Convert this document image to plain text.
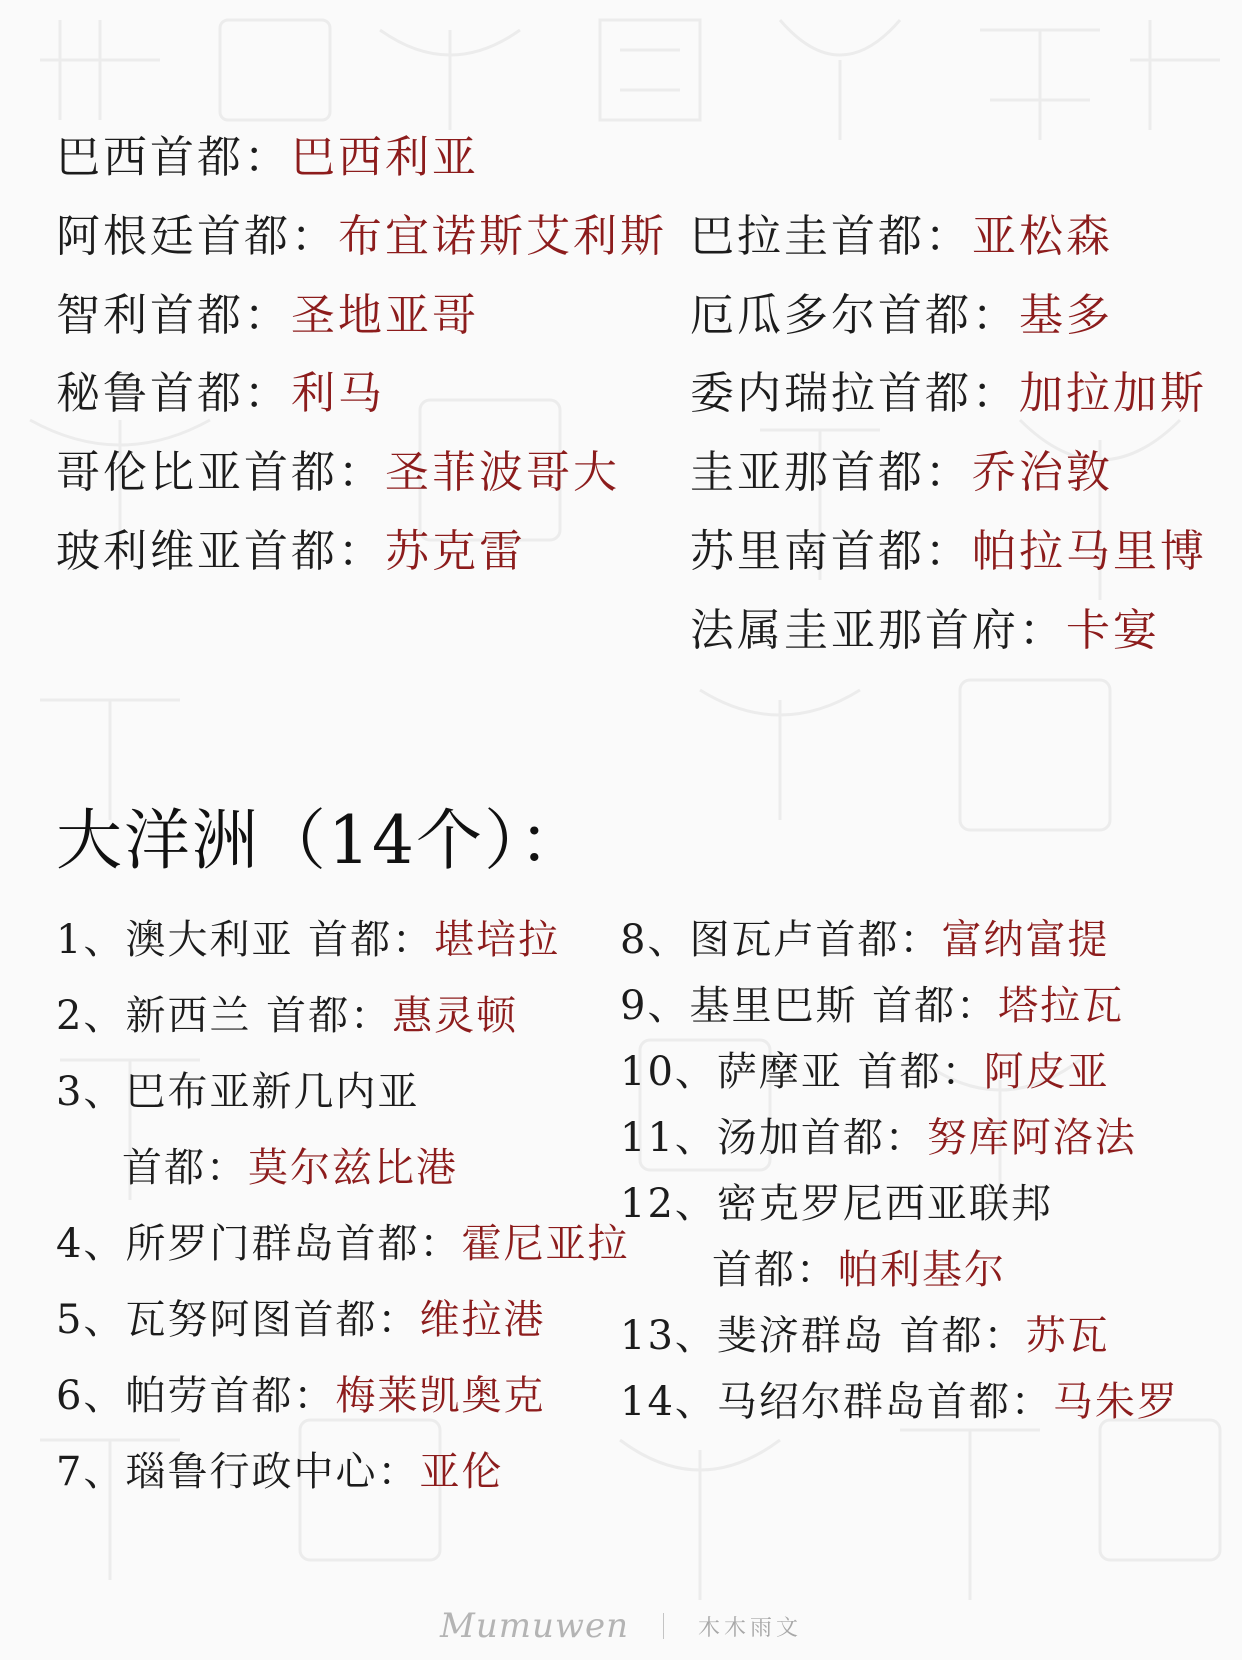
巴西首都：巴西利亚
阿根廷首都：布宜诺斯艾利斯
智利首都：圣地亚哥
秘鲁首都：利马
哥伦比亚首都：圣菲波哥大
玻利维亚首都：苏克雷
巴拉圭首都：亚松森
厄瓜多尔首都：基多
委内瑞拉首都：加拉加斯
圭亚那首都：乔治敦
苏里南首都：帕拉马里博
法属圭亚那首府：卡宴
大洋洲（14个）：
1、澳大利亚 首都：堪培拉
2、新西兰 首都：惠灵顿
3、巴布亚新几内亚
首都：莫尔兹比港
4、所罗门群岛首都：霍尼亚拉
5、瓦努阿图首都：维拉港
6、帕劳首都：梅莱凯奥克
7、瑙鲁行政中心：亚伦
8、图瓦卢首都：富纳富提
9、基里巴斯 首都：塔拉瓦
10、萨摩亚 首都：阿皮亚
11、汤加首都：努库阿洛法
12、密克罗尼西亚联邦
首都：帕利基尔
13、斐济群岛 首都：苏瓦
14、马绍尔群岛首都：马朱罗
Mumuwen	木木雨文
